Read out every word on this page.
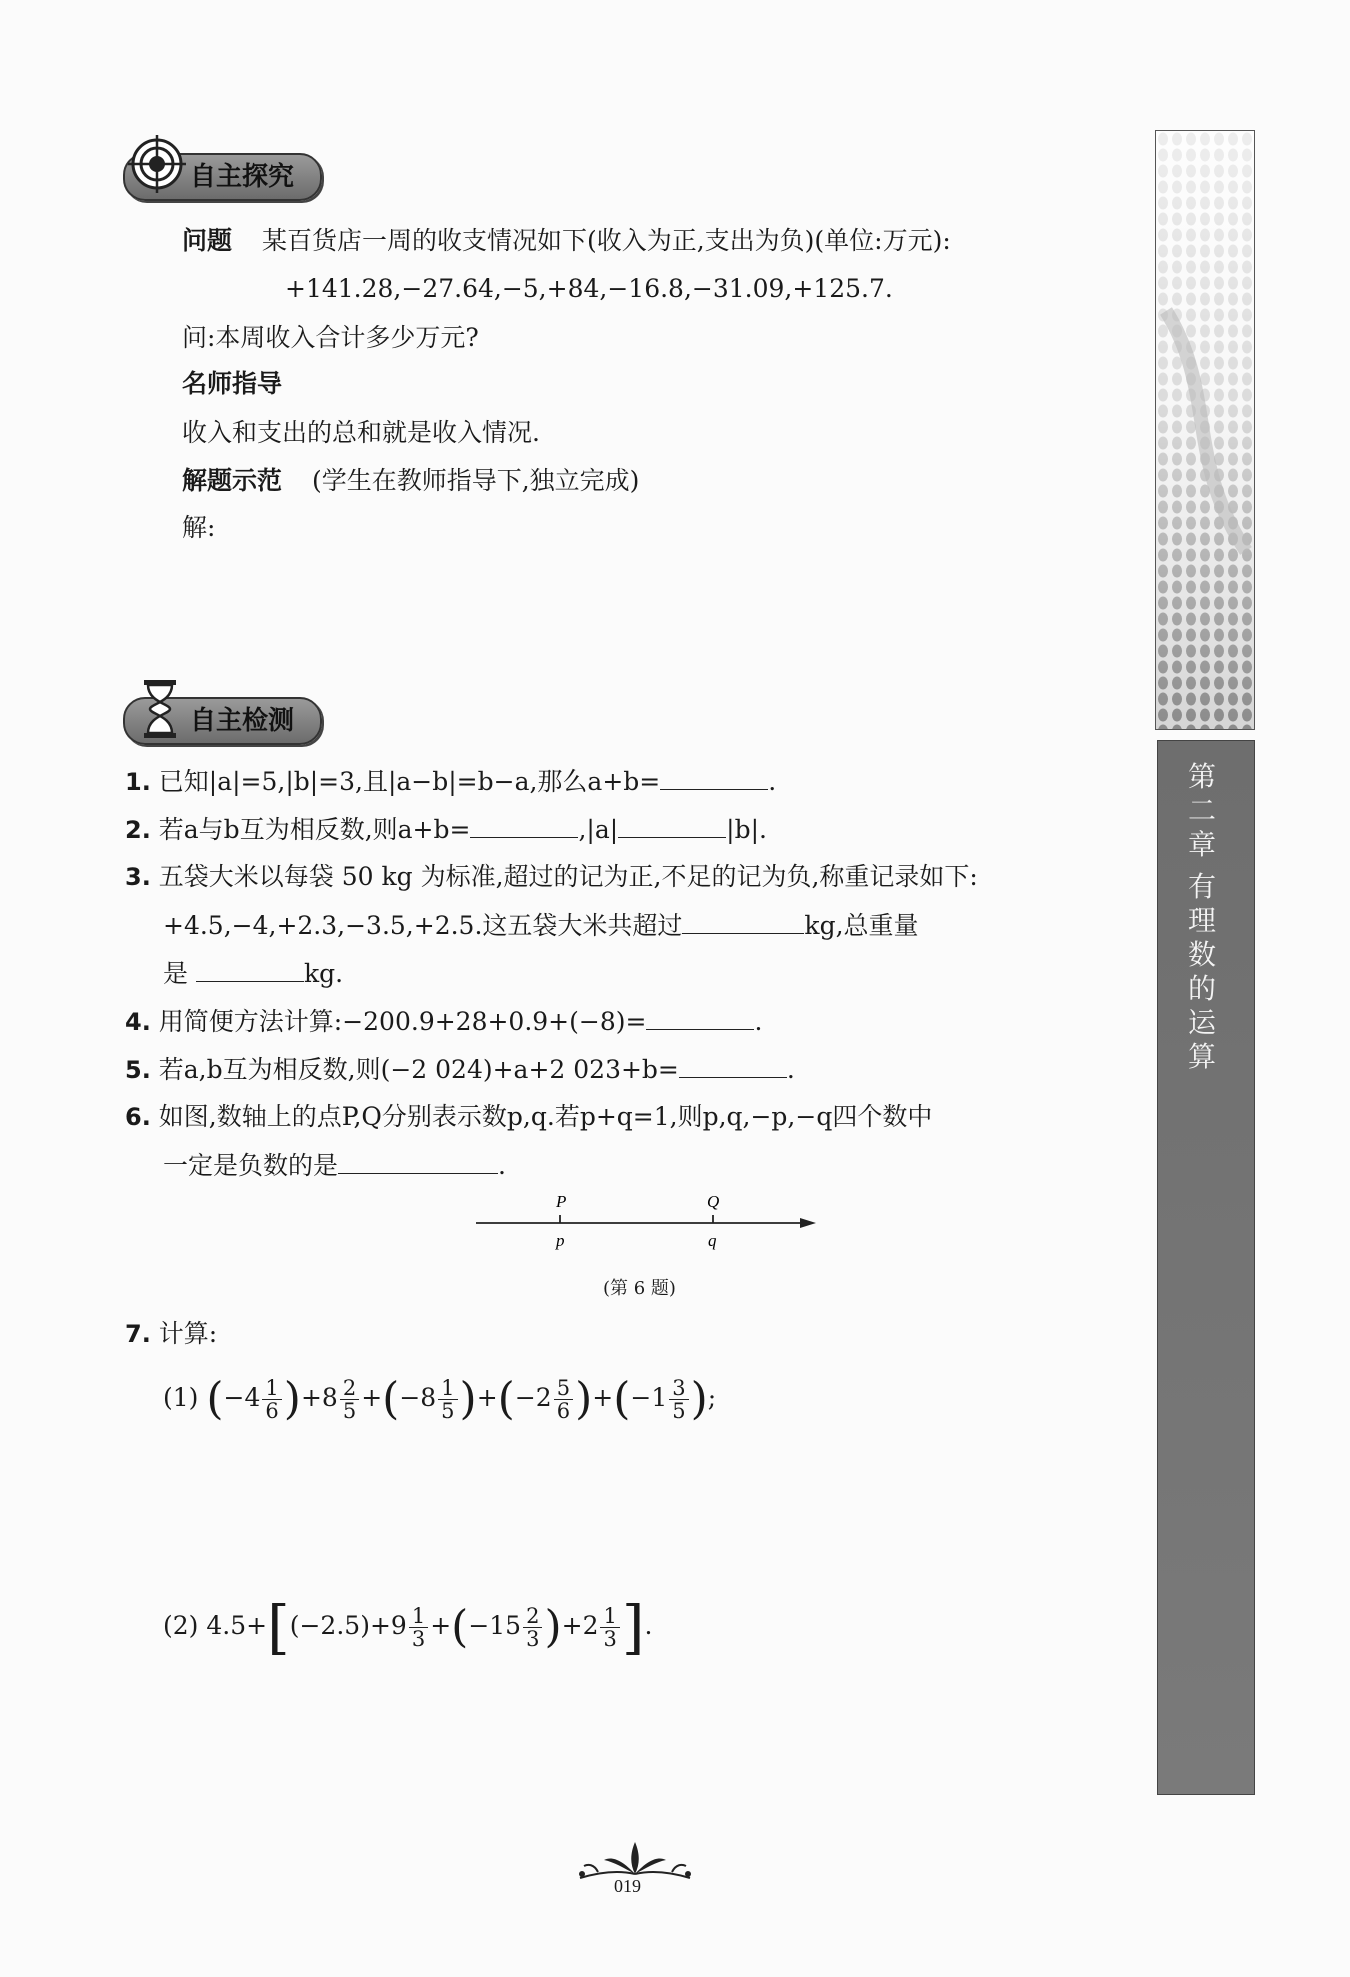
第二章
有理数的运算
自主探究
问题 某百货店一周的收支情况如下(收入为正,支出为负)(单位:万元):
+141.28,−27.64,−5,+84,−16.8,−31.09,+125.7.
问:本周收入合计多少万元?
名师指导
收入和支出的总和就是收入情况.
解题示范 (学生在教师指导下,独立完成)
解:
自主检测
1. 已知|a|=5,|b|=3,且|a−b|=b−a,那么a+b=	.
2. 若a与b互为相反数,则a+b=	,|a|	|b|.
3. 五袋大米以每袋 50 kg 为标准,超过的记为正,不足的记为负,称重记录如下:
+4.5,−4,+2.3,−3.5,+2.5.这五袋大米共超过	kg,总重量
是	kg.
4. 用简便方法计算:−200.9+28+0.9+(−8)=	.
5. 若a,b互为相反数,则(−2 024)+a+2 023+b=	.
6. 如图,数轴上的点P,Q分别表示数p,q.若p+q=1,则p,q,−p,−q四个数中
一定是负数的是	.
P
p
Q
q
(第 6 题)
7. 计算:
(1) $(-4 \frac{1}{6} )+8 \frac{2}{5} +(-8 \frac{1}{5} )+(-2 \frac{5}{6} )+(-1 \frac{3}{5}$ );
(2) $4.5+[(-2.5)+9 \frac{1}{3} +(-15 \frac{2}{3} )+2 \frac{1}{3}$ ].
019
